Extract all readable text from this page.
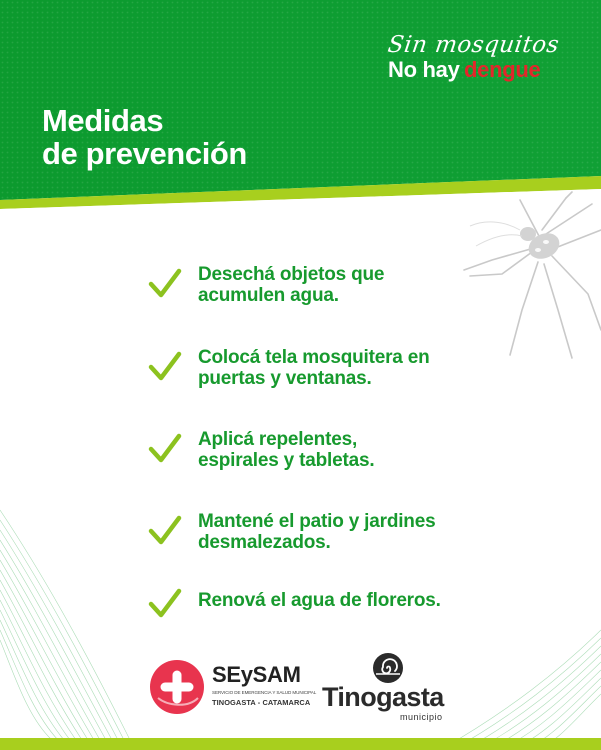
Sin mosquitos
No hay dengue
Medidas
de prevención
Desechá objetos que
acumulen agua.
Colocá tela mosquitera en
puertas y ventanas.
Aplicá repelentes,
espirales y tabletas.
Mantené el patio y jardines
desmalezados.
Renová el agua de floreros.
SEySAM
SERVICIO DE EMERGENCIA Y SALUD MUNICIPAL
TINOGASTA - CATAMARCA Tinogasta
municipio
